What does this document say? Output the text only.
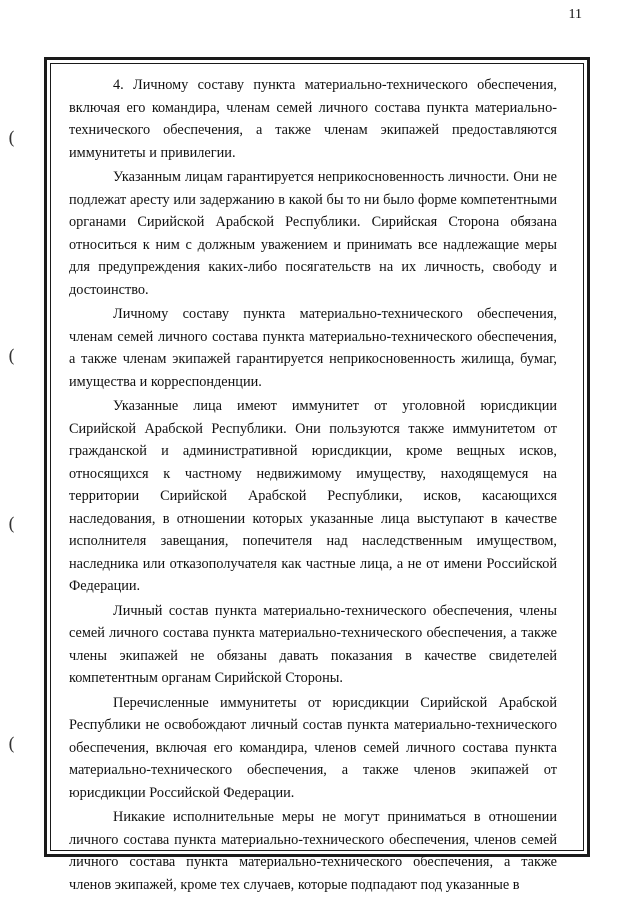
11
(
(
(
(

4. Личному составу пункта материально-технического обеспечения, включая его командира, членам семей личного состава пункта материально-технического обеспечения, а также членам экипажей предоставляются иммунитеты и привилегии.

Указанным лицам гарантируется неприкосновенность личности. Они не подлежат аресту или задержанию в какой бы то ни было форме компетентными органами Сирийской Арабской Республики. Сирийская Сторона обязана относиться к ним с должным уважением и принимать все надлежащие меры для предупреждения каких-либо посягательств на их личность, свободу и достоинство.

Личному составу пункта материально-технического обеспечения, членам семей личного состава пункта материально-технического обеспечения, а также членам экипажей гарантируется неприкосновенность жилища, бумаг, имущества и корреспонденции.

Указанные лица имеют иммунитет от уголовной юрисдикции Сирийской Арабской Республики. Они пользуются также иммунитетом от гражданской и административной юрисдикции, кроме вещных исков, относящихся к частному недвижимому имуществу, находящемуся на территории Сирийской Арабской Республики, исков, касающихся наследования, в отношении которых указанные лица выступают в качестве исполнителя завещания, попечителя над наследственным имуществом, наследника или отказополучателя как частные лица, а не от имени Российской Федерации.

Личный состав пункта материально-технического обеспечения, члены семей личного состава пункта материально-технического обеспечения, а также члены экипажей не обязаны давать показания в качестве свидетелей компетентным органам Сирийской Стороны.

Перечисленные иммунитеты от юрисдикции Сирийской Арабской Республики не освобождают личный состав пункта материально-технического обеспечения, включая его командира, членов семей личного состава пункта материально-технического обеспечения, а также членов экипажей от юрисдикции Российской Федерации.

Никакие исполнительные меры не могут приниматься в отношении личного состава пункта материально-технического обеспечения, членов семей личного состава пункта материально-технического обеспечения, а также членов экипажей, кроме тех случаев, которые подпадают под указанные в
